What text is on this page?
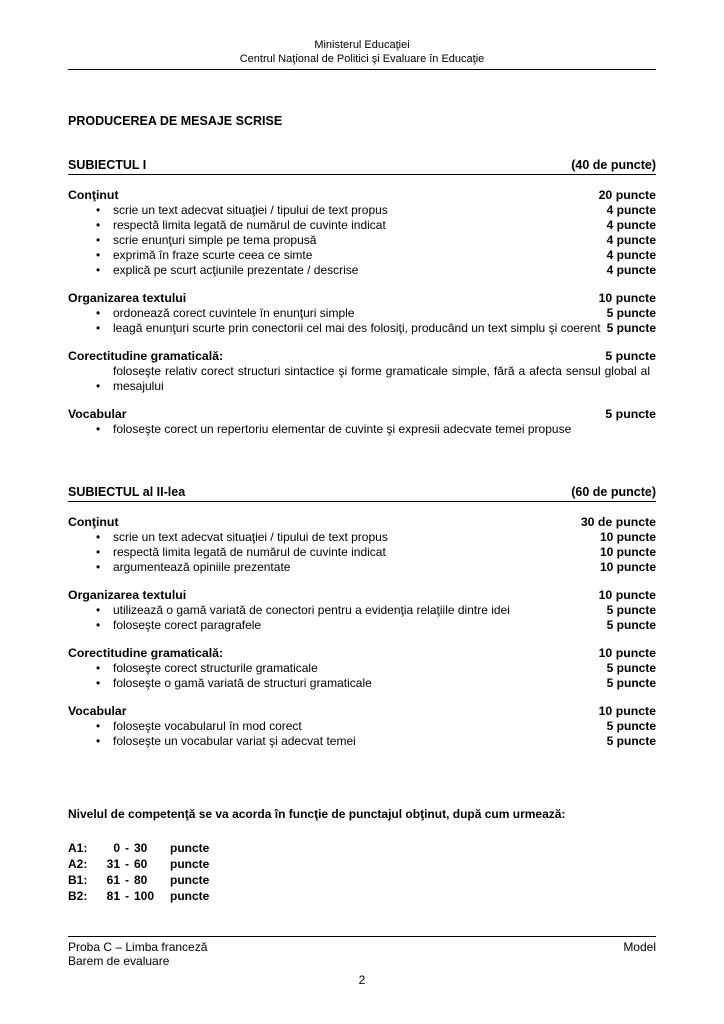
Ministerul Educaţiei
Centrul Naţional de Politici şi Evaluare în Educaţie
PRODUCEREA DE MESAJE SCRISE
SUBIECTUL I	(40 de puncte)
Conţinut	20 puncte
•	scrie un text adecvat situaţiei / tipului de text propus	4 puncte
•	respectă limita legată de numărul de cuvinte indicat	4 puncte
•	scrie enunţuri simple pe tema propusă	4 puncte
•	exprimă în fraze scurte ceea ce simte	4 puncte
•	explică pe scurt acţiunile prezentate / descrise	4 puncte
Organizarea textului	10 puncte
•	ordonează corect cuvintele în enunţuri simple	5 puncte
•	leagă enunţuri scurte prin conectorii cel mai des folosiţi, producând un text simplu şi coerent 5 puncte
Corectitudine gramaticală:	5 puncte
•
foloseşte relativ corect structuri sintactice şi forme gramaticale simple, fără a afecta sensul global al mesajului
Vocabular	5 puncte
•	foloseşte corect un repertoriu elementar de cuvinte şi expresii adecvate temei propuse
SUBIECTUL al II-lea	(60 de puncte)
Conţinut	30 de puncte
•	scrie un text adecvat situaţiei / tipului de text propus	10 puncte
•	respectă limita legată de numărul de cuvinte indicat	10 puncte
•	argumentează opiniile prezentate	10 puncte
Organizarea textului	10 puncte
•	utilizează o gamă variată de conectori pentru a evidenţia relaţiile dintre idei	5 puncte
•	foloseşte corect paragrafele	5 puncte
Corectitudine gramaticală:	10 puncte
•	foloseşte corect structurile gramaticale	5 puncte
•	foloseşte o gamă variată de structuri gramaticale	5 puncte
Vocabular	10 puncte
•	foloseşte vocabularul în mod corect	5 puncte
•	foloseşte un vocabular variat şi adecvat temei	5 puncte
Nivelul de competenţă se va acorda în funcţie de punctajul obţinut, după cum urmează:
A1: 0 - 30 puncte
A2: 31 - 60 puncte
B1: 61 - 80 puncte
B2: 81 - 100 puncte
Proba C – Limba franceză	Model
Barem de evaluare
2
